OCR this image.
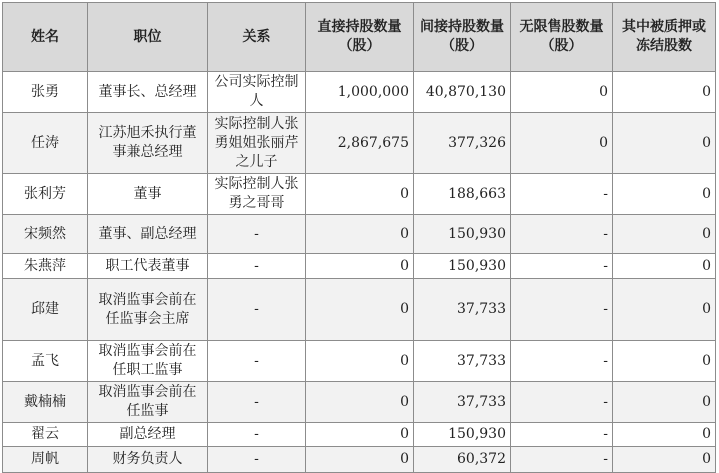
姓名	职位	关系	直接持股数量（股）	间接持股数量（股）	无限售股数量（股）	其中被质押或冻结股数
张勇	董事长、总经理	公司实际控制人	1,000,000	40,870,130	0	0
任涛	江苏旭禾执行董事兼总经理	实际控制人张勇姐姐张丽芹之儿子	2,867,675	377,326	0	0
张利芳	董事	实际控制人张勇之哥哥	0	188,663	-	0
宋频然	董事、副总经理	-	0	150,930	-	0
朱燕萍	职工代表董事	-	0	150,930	-	0
邱建	取消监事会前在任监事会主席	-	0	37,733	-	0
孟飞	取消监事会前在任职工监事	-	0	37,733	-	0
戴楠楠	取消监事会前在任监事	-	0	37,733	-	0
翟云	副总经理	-	0	150,930	-	0
周帆	财务负责人	-	0	60,372	-	0
